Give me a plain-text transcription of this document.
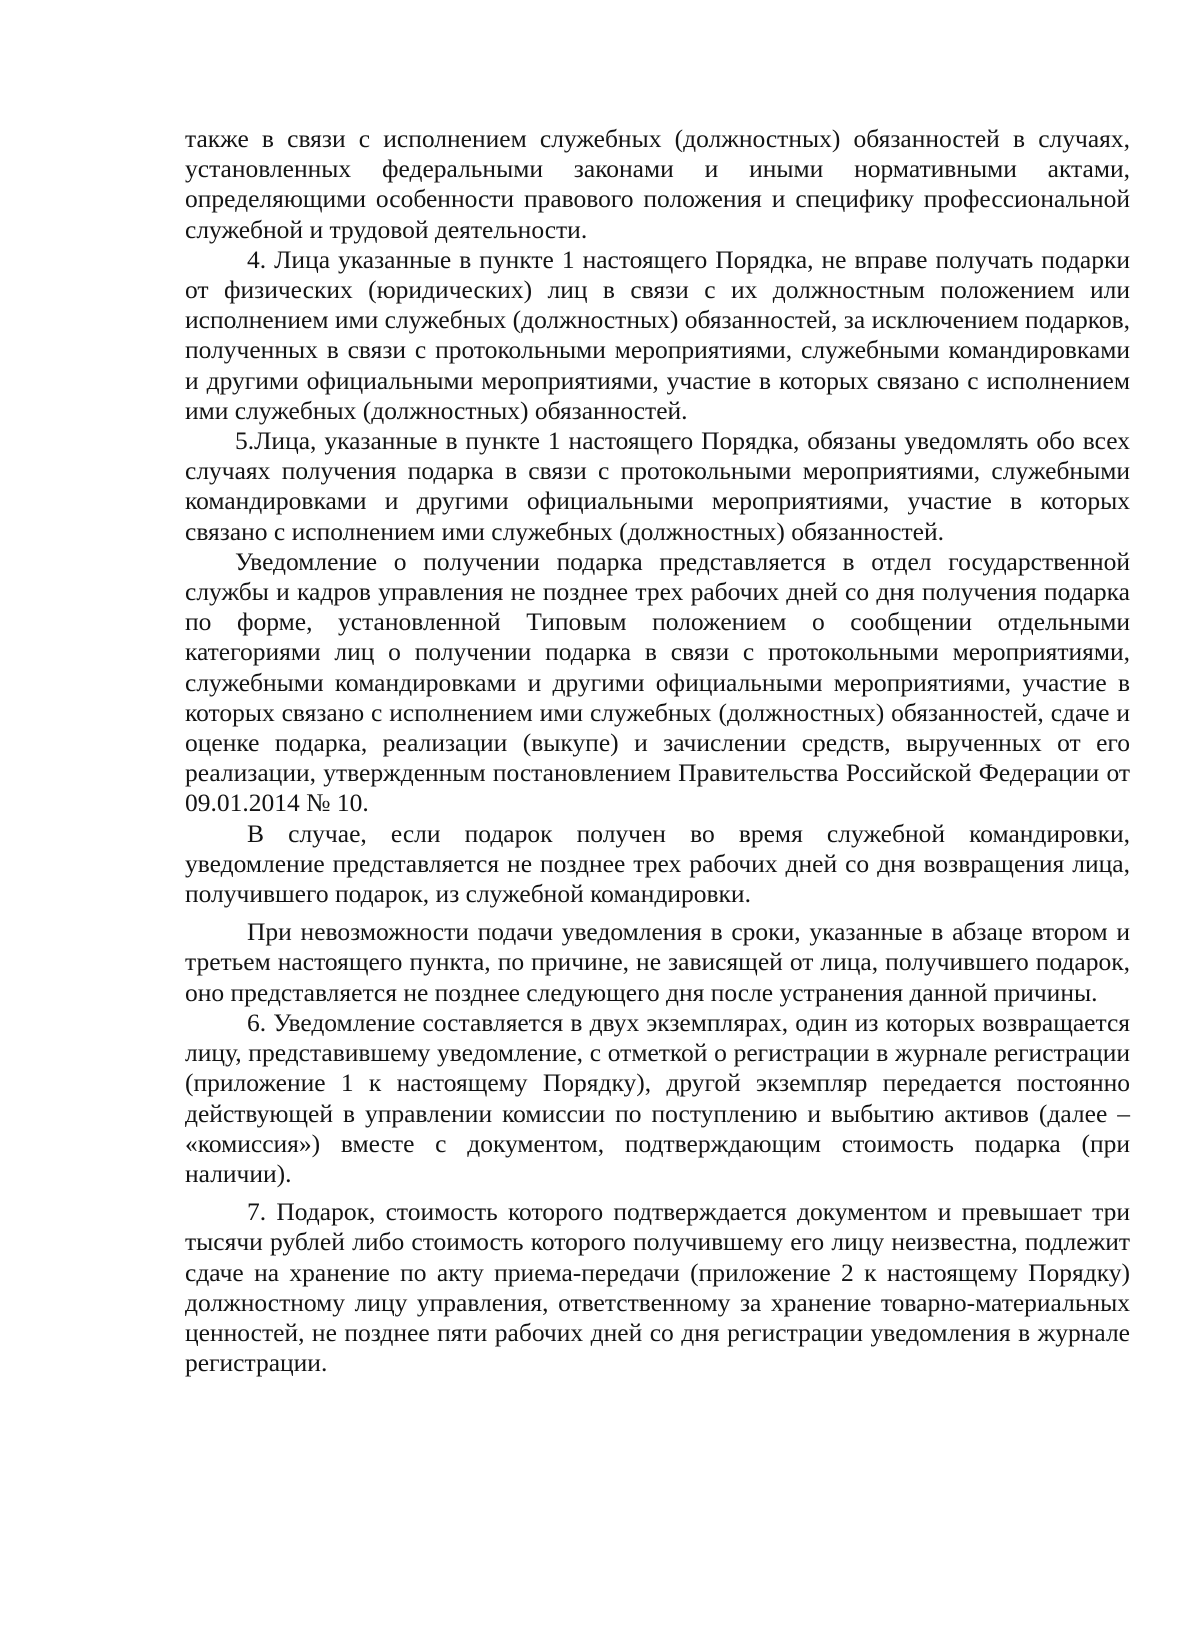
также в связи с исполнением служебных (должностных) обязанностей в случаях, установленных федеральными законами и иными нормативными актами, определяющими особенности правового положения и специфику профессиональной служебной и трудовой деятельности.

4. Лица указанные в пункте 1 настоящего Порядка, не вправе получать подарки от физических (юридических) лиц в связи с их должностным положением или исполнением ими служебных (должностных) обязанностей, за исключением подарков, полученных в связи с протокольными мероприятиями, служебными командировками и другими официальными мероприятиями, участие в которых связано с исполнением ими служебных (должностных) обязанностей.

5.Лица, указанные в пункте 1 настоящего Порядка, обязаны уведомлять обо всех случаях получения подарка в связи с протокольными мероприятиями, служебными командировками и другими официальными мероприятиями, участие в которых связано с исполнением ими служебных (должностных) обязанностей.

Уведомление о получении подарка представляется в отдел государственной службы и кадров управления не позднее трех рабочих дней со дня получения подарка по форме, установленной Типовым положением о сообщении отдельными категориями лиц о получении подарка в связи с протокольными мероприятиями, служебными командировками и другими официальными мероприятиями, участие в которых связано с исполнением ими служебных (должностных) обязанностей, сдаче и оценке подарка, реализации (выкупе) и зачислении средств, вырученных от его реализации, утвержденным постановлением Правительства Российской Федерации от 09.01.2014 № 10.

В случае, если подарок получен во время служебной командировки, уведомление представляется не позднее трех рабочих дней со дня возвращения лица, получившего подарок, из служебной командировки.

При невозможности подачи уведомления в сроки, указанные в абзаце втором и третьем настоящего пункта, по причине, не зависящей от лица, получившего подарок, оно представляется не позднее следующего дня после устранения данной причины.

6. Уведомление составляется в двух экземплярах, один из которых возвращается лицу, представившему уведомление, с отметкой о регистрации в журнале регистрации (приложение 1 к настоящему Порядку), другой экземпляр передается постоянно действующей в управлении комиссии по поступлению и выбытию активов (далее – «комиссия») вместе с документом, подтверждающим стоимость подарка (при наличии).

7. Подарок, стоимость которого подтверждается документом и превышает три тысячи рублей либо стоимость которого получившему его лицу неизвестна, подлежит сдаче на хранение по акту приема-передачи (приложение 2 к настоящему Порядку) должностному лицу управления, ответственному за хранение товарно-материальных ценностей, не позднее пяти рабочих дней со дня регистрации уведомления в журнале регистрации.
